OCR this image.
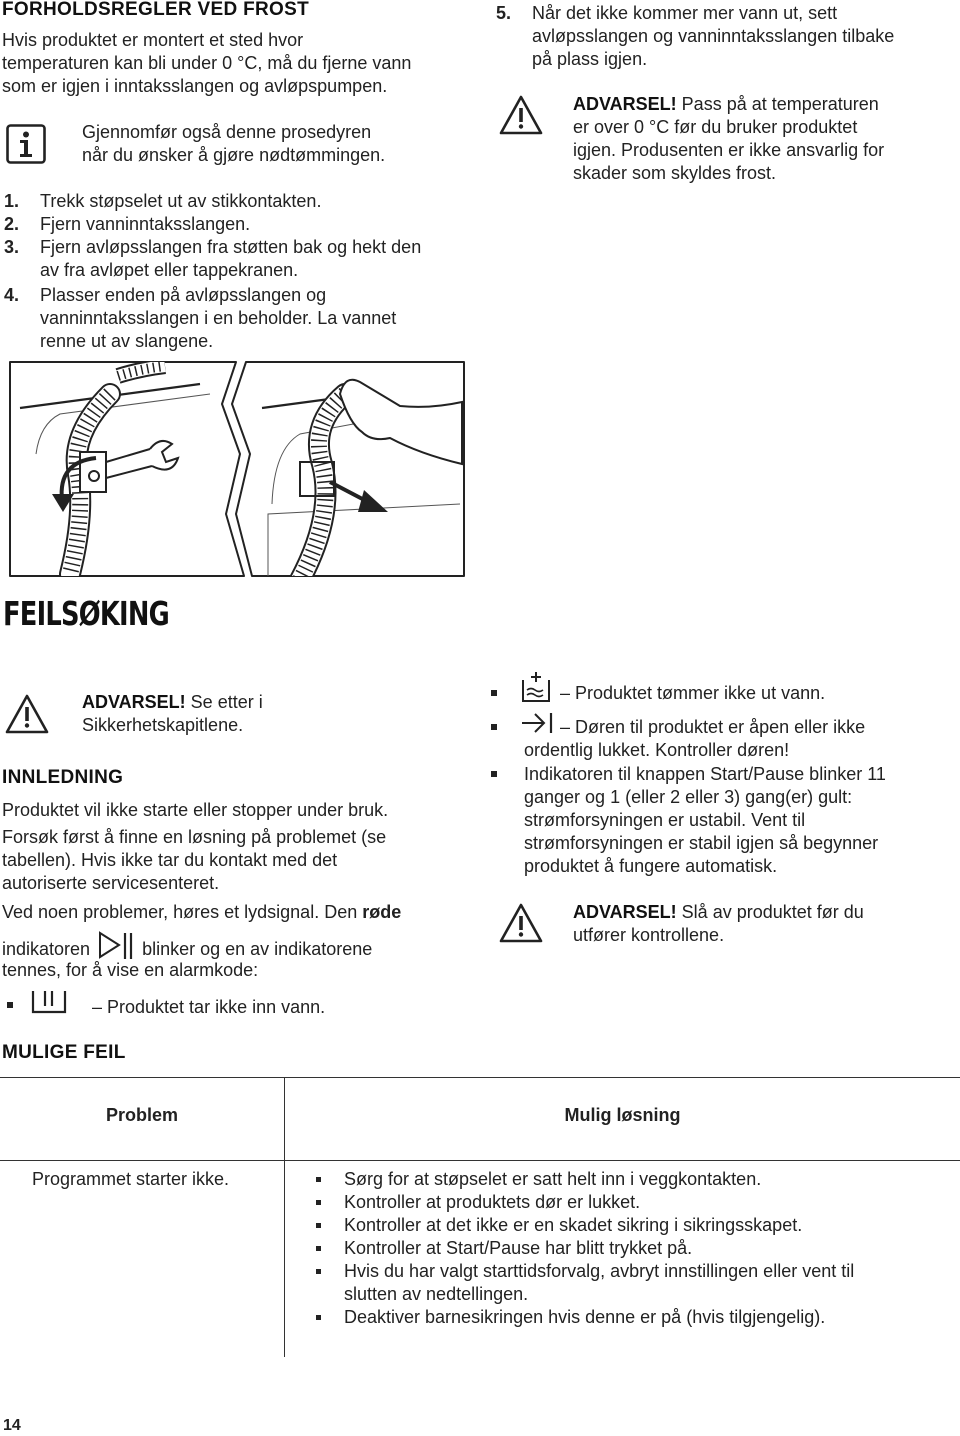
FORHOLDSREGLER VED FROST
Hvis produktet er montert et sted hvor
temperaturen kan bli under 0 °C, må du fjerne vann
som er igjen i inntaksslangen og avløpspumpen.
Gjennomfør også denne prosedyren
når du ønsker å gjøre nødtømmingen.
1. Trekk støpselet ut av stikkontakten.
2. Fjern vanninntaksslangen.
3. Fjern avløpsslangen fra støtten bak og hekt den
av fra avløpet eller tappekranen.
4. Plasser enden på avløpsslangen og
vanninntaksslangen i en beholder. La vannet
renne ut av slangene.
5. Når det ikke kommer mer vann ut, sett
avløpsslangen og vanninntaksslangen tilbake
på plass igjen.
ADVARSEL! Pass på at temperaturen
er over 0 °C før du bruker produktet
igjen. Produsenten er ikke ansvarlig for
skader som skyldes frost.
FEILSØKING
ADVARSEL! Se etter i
Sikkerhetskapitlene.
INNLEDNING
Produktet vil ikke starte eller stopper under bruk.
Forsøk først å finne en løsning på problemet (se
tabellen). Hvis ikke tar du kontakt med det
autoriserte servicesenteret.
Ved noen problemer, høres et lydsignal. Den røde
indikatoren	blinker og en av indikatorene
tennes, for å vise en alarmkode:
– Produktet tar ikke inn vann.
– Produktet tømmer ikke ut vann.
– Døren til produktet er åpen eller ikke
ordentlig lukket. Kontroller døren!
Indikatoren til knappen Start/Pause blinker 11
ganger og 1 (eller 2 eller 3) gang(er) gult:
strømforsyningen er ustabil. Vent til
strømforsyningen er stabil igjen så begynner
produktet å fungere automatisk.
ADVARSEL! Slå av produktet før du
utfører kontrollene.
MULIGE FEIL
Problem	Mulig løsning
Programmet starter ikke.	Sørg for at støpselet er satt helt inn i veggkontakten.
Kontroller at produktets dør er lukket.
Kontroller at det ikke er en skadet sikring i sikringsskapet.
Kontroller at Start/Pause har blitt trykket på.
Hvis du har valgt starttidsforvalg, avbryt innstillingen eller vent til
slutten av nedtellingen.
Deaktiver barnesikringen hvis denne er på (hvis tilgjengelig).
14
